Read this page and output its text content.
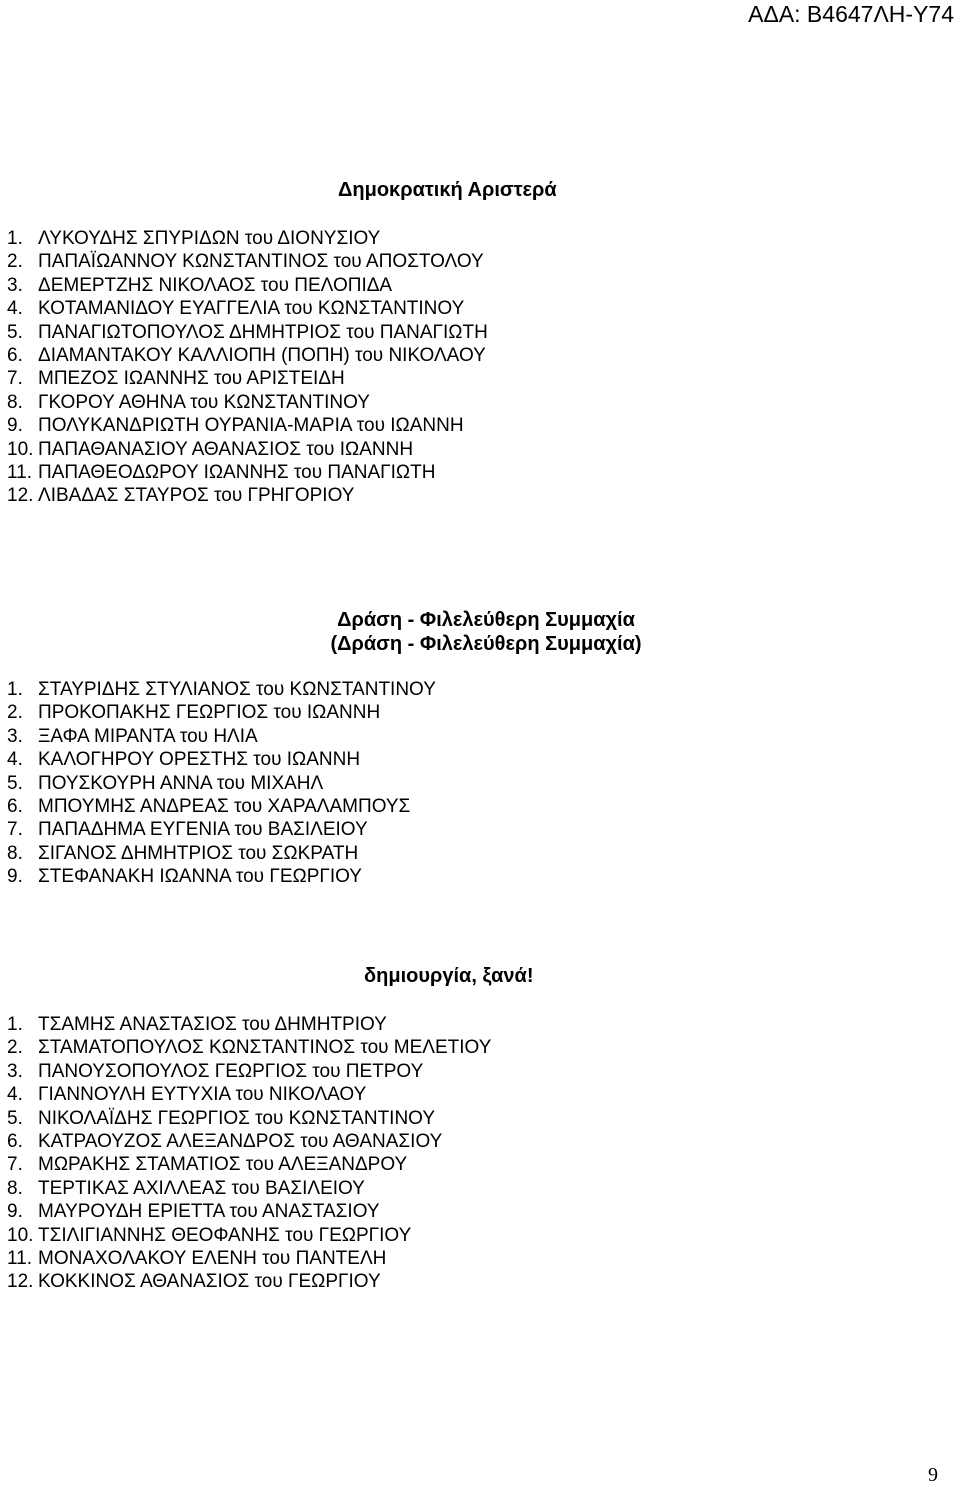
ΑΔΑ: Β4647ΛΗ-Υ74
Δημοκρατική Αριστερά
1. ΛΥΚΟΥΔΗΣ ΣΠΥΡΙΔΩΝ του ΔΙΟΝΥΣΙΟΥ
2. ΠΑΠΑΪΩΑΝΝΟΥ ΚΩΝΣΤΑΝΤΙΝΟΣ του ΑΠΟΣΤΟΛΟΥ
3. ΔΕΜΕΡΤΖΗΣ ΝΙΚΟΛΑΟΣ του ΠΕΛΟΠΙΔΑ
4. ΚΟΤΑΜΑΝΙΔΟΥ ΕΥΑΓΓΕΛΙΑ του ΚΩΝΣΤΑΝΤΙΝΟΥ
5. ΠΑΝΑΓΙΩΤΟΠΟΥΛΟΣ ΔΗΜΗΤΡΙΟΣ του ΠΑΝΑΓΙΩΤΗ
6. ΔΙΑΜΑΝΤΑΚΟΥ ΚΑΛΛΙΟΠΗ (ΠΟΠΗ) του ΝΙΚΟΛΑΟΥ
7. ΜΠΕΖΟΣ ΙΩΑΝΝΗΣ του ΑΡΙΣΤΕΙΔΗ
8. ΓΚΟΡΟΥ ΑΘΗΝΑ του ΚΩΝΣΤΑΝΤΙΝΟΥ
9. ΠΟΛΥΚΑΝΔΡΙΩΤΗ ΟΥΡΑΝΙΑ-ΜΑΡΙΑ του ΙΩΑΝΝΗ
10. ΠΑΠΑΘΑΝΑΣΙΟΥ ΑΘΑΝΑΣΙΟΣ του ΙΩΑΝΝΗ
11. ΠΑΠΑΘΕΟΔΩΡΟΥ ΙΩΑΝΝΗΣ του ΠΑΝΑΓΙΩΤΗ
12. ΛΙΒΑΔΑΣ ΣΤΑΥΡΟΣ του ΓΡΗΓΟΡΙΟΥ
Δράση - Φιλελεύθερη Συμμαχία
(Δράση - Φιλελεύθερη Συμμαχία)
1. ΣΤΑΥΡΙΔΗΣ ΣΤΥΛΙΑΝΟΣ του ΚΩΝΣΤΑΝΤΙΝΟΥ
2. ΠΡΟΚΟΠΑΚΗΣ ΓΕΩΡΓΙΟΣ του ΙΩΑΝΝΗ
3. ΞΑΦΑ ΜΙΡΑΝΤΑ του ΗΛΙΑ
4. ΚΑΛΟΓΗΡΟΥ ΟΡΕΣΤΗΣ του ΙΩΑΝΝΗ
5. ΠΟΥΣΚΟΥΡΗ ΑΝΝΑ του ΜΙΧΑΗΛ
6. ΜΠΟΥΜΗΣ ΑΝΔΡΕΑΣ του ΧΑΡΑΛΑΜΠΟΥΣ
7. ΠΑΠΑΔΗΜΑ ΕΥΓΕΝΙΑ του ΒΑΣΙΛΕΙΟΥ
8. ΣΙΓΑΝΟΣ ΔΗΜΗΤΡΙΟΣ του ΣΩΚΡΑΤΗ
9. ΣΤΕΦΑΝΑΚΗ ΙΩΑΝΝΑ του ΓΕΩΡΓΙΟΥ
δημιουργία, ξανά!
1. ΤΣΑΜΗΣ ΑΝΑΣΤΑΣΙΟΣ του ΔΗΜΗΤΡΙΟΥ
2. ΣΤΑΜΑΤΟΠΟΥΛΟΣ ΚΩΝΣΤΑΝΤΙΝΟΣ του ΜΕΛΕΤΙΟΥ
3. ΠΑΝΟΥΣΟΠΟΥΛΟΣ ΓΕΩΡΓΙΟΣ του ΠΕΤΡΟΥ
4. ΓΙΑΝΝΟΥΛΗ ΕΥΤΥΧΙΑ του ΝΙΚΟΛΑΟΥ
5. ΝΙΚΟΛΑΪΔΗΣ ΓΕΩΡΓΙΟΣ του ΚΩΝΣΤΑΝΤΙΝΟΥ
6. ΚΑΤΡΑΟΥΖΟΣ ΑΛΕΞΑΝΔΡΟΣ του ΑΘΑΝΑΣΙΟΥ
7. ΜΩΡΑΚΗΣ ΣΤΑΜΑΤΙΟΣ του ΑΛΕΞΑΝΔΡΟΥ
8. ΤΕΡΤΙΚΑΣ ΑΧΙΛΛΕΑΣ του ΒΑΣΙΛΕΙΟΥ
9. ΜΑΥΡΟΥΔΗ ΕΡΙΕΤΤΑ του ΑΝΑΣΤΑΣΙΟΥ
10. ΤΣΙΛΙΓΙΑΝΝΗΣ ΘΕΟΦΑΝΗΣ του ΓΕΩΡΓΙΟΥ
11. ΜΟΝΑΧΟΛΑΚΟΥ ΕΛΕΝΗ του ΠΑΝΤΕΛΗ
12. ΚΟΚΚΙΝΟΣ ΑΘΑΝΑΣΙΟΣ του ΓΕΩΡΓΙΟΥ
9
